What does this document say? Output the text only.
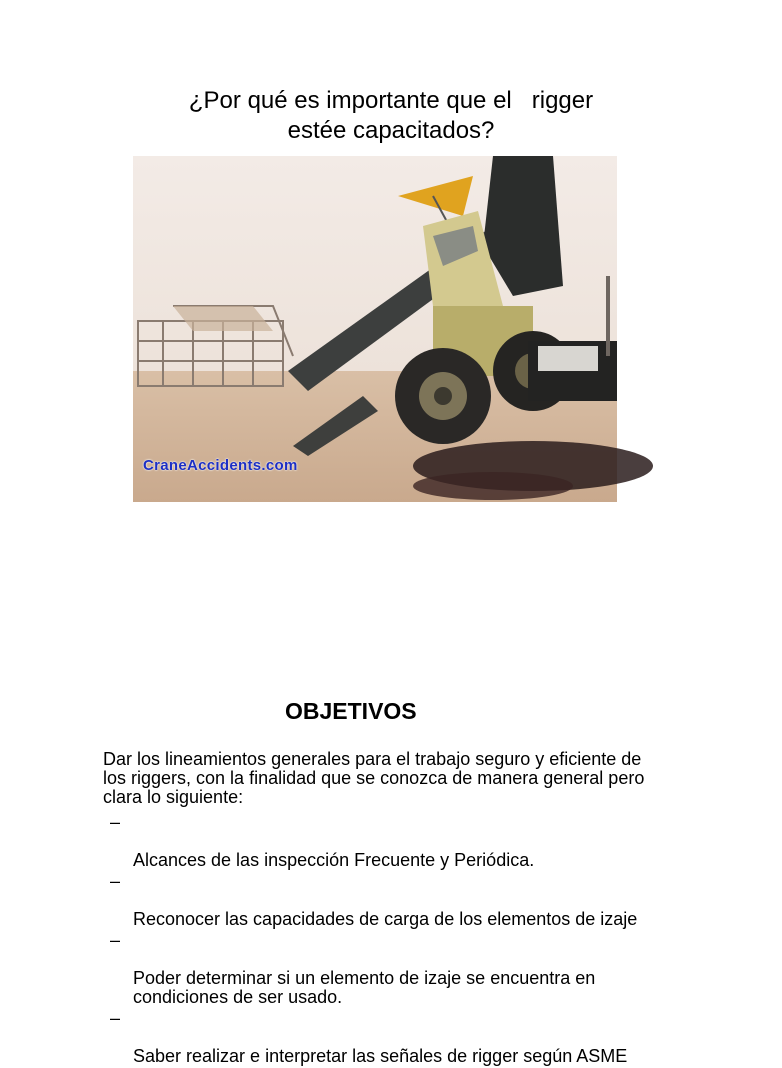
¿Por qué es importante que el   rigger
estée capacitados?
CraneAccidents.com
OBJETIVOS
Dar los lineamientos generales para el trabajo seguro y eficiente de
los riggers, con la finalidad que se conozca de manera general pero
clara lo siguiente:

–

Alcances de las inspección Frecuente y Periódica.

–

Reconocer las capacidades de carga de los elementos de izaje

–

Poder determinar si un elemento de izaje se encuentra en
condiciones de ser usado.

–

Saber realizar e interpretar las señales de rigger según ASME
